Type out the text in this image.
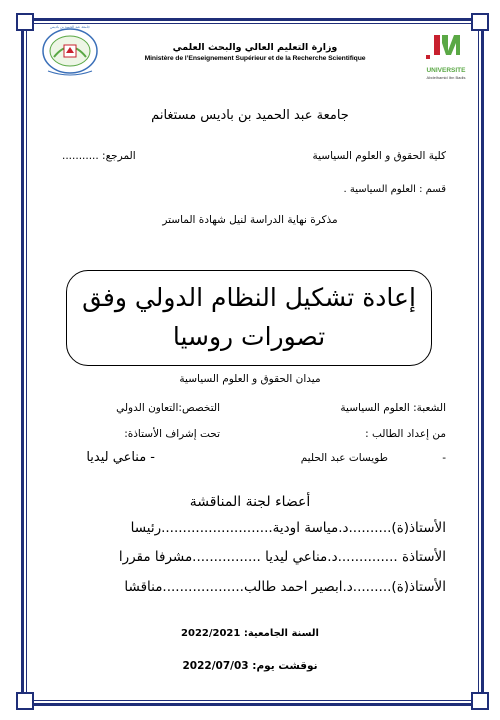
جامعة عبد الحميد بن باديس
UNIVERSITE
Abdelhamid Ibn Badis
وزارة التعليم العالي والبحث العلمي
Ministère de l’Enseignement Supérieur et de la Recherche Scientifique
جامعة عبد الحميد بن باديس مستغانم
كلية الحقوق و العلوم السياسية
المرجع: ...........
قسم : العلوم السياسية .
مذكرة نهاية الدراسة لنيل شهادة الماستر
إعادة تشكيل النظام الدولي وفق
تصورات روسيا
ميدان الحقوق و العلوم السياسية
الشعبة: العلوم السياسية
التخصص:التعاون الدولي
من إعداد الطالب :
تحت إشراف الأستاذة:
-
طويسات عبد الحليم
- مناعي ليديا
أعضاء لجنة المناقشة
الأستاذ(ة)..........د.مياسة اودية..........................رئيسا
الأستاذة ..............د.مناعي ليديا ................مشرفا مقررا
الأستاذ(ة).........د.ابصير احمد طالب...................مناقشا
السنة الجامعية: 2022/2021
نوقشت يوم: 2022/07/03
